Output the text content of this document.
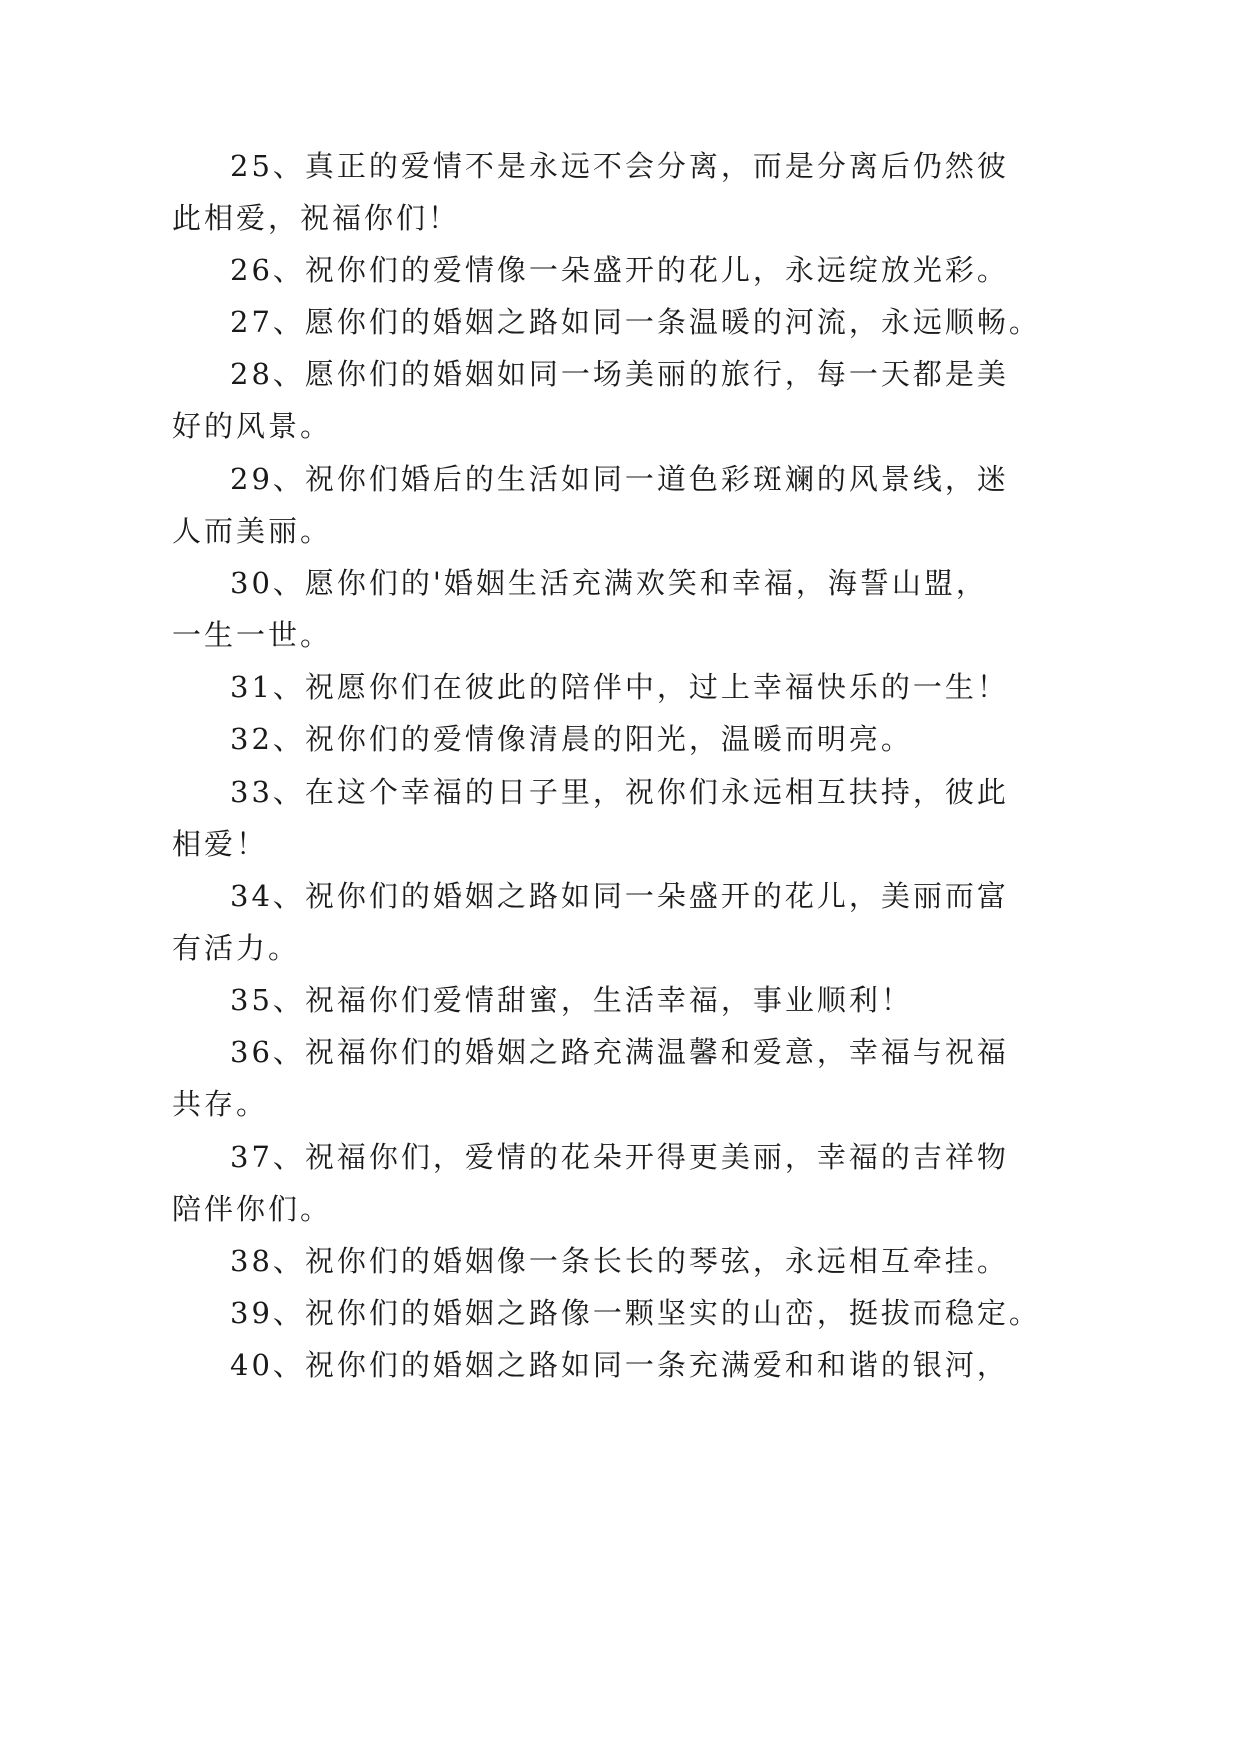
25、真正的爱情不是永远不会分离，而是分离后仍然彼
此相爱，祝福你们！
26、祝你们的爱情像一朵盛开的花儿，永远绽放光彩。
27、愿你们的婚姻之路如同一条温暖的河流，永远顺畅。
28、愿你们的婚姻如同一场美丽的旅行，每一天都是美
好的风景。
29、祝你们婚后的生活如同一道色彩斑斓的风景线，迷
人而美丽。
30、愿你们的'婚姻生活充满欢笑和幸福，海誓山盟，
一生一世。
31、祝愿你们在彼此的陪伴中，过上幸福快乐的一生！
32、祝你们的爱情像清晨的阳光，温暖而明亮。
33、在这个幸福的日子里，祝你们永远相互扶持，彼此
相爱！
34、祝你们的婚姻之路如同一朵盛开的花儿，美丽而富
有活力。
35、祝福你们爱情甜蜜，生活幸福，事业顺利！
36、祝福你们的婚姻之路充满温馨和爱意，幸福与祝福
共存。
37、祝福你们，爱情的花朵开得更美丽，幸福的吉祥物
陪伴你们。
38、祝你们的婚姻像一条长长的琴弦，永远相互牵挂。
39、祝你们的婚姻之路像一颗坚实的山峦，挺拔而稳定。
40、祝你们的婚姻之路如同一条充满爱和和谐的银河，
